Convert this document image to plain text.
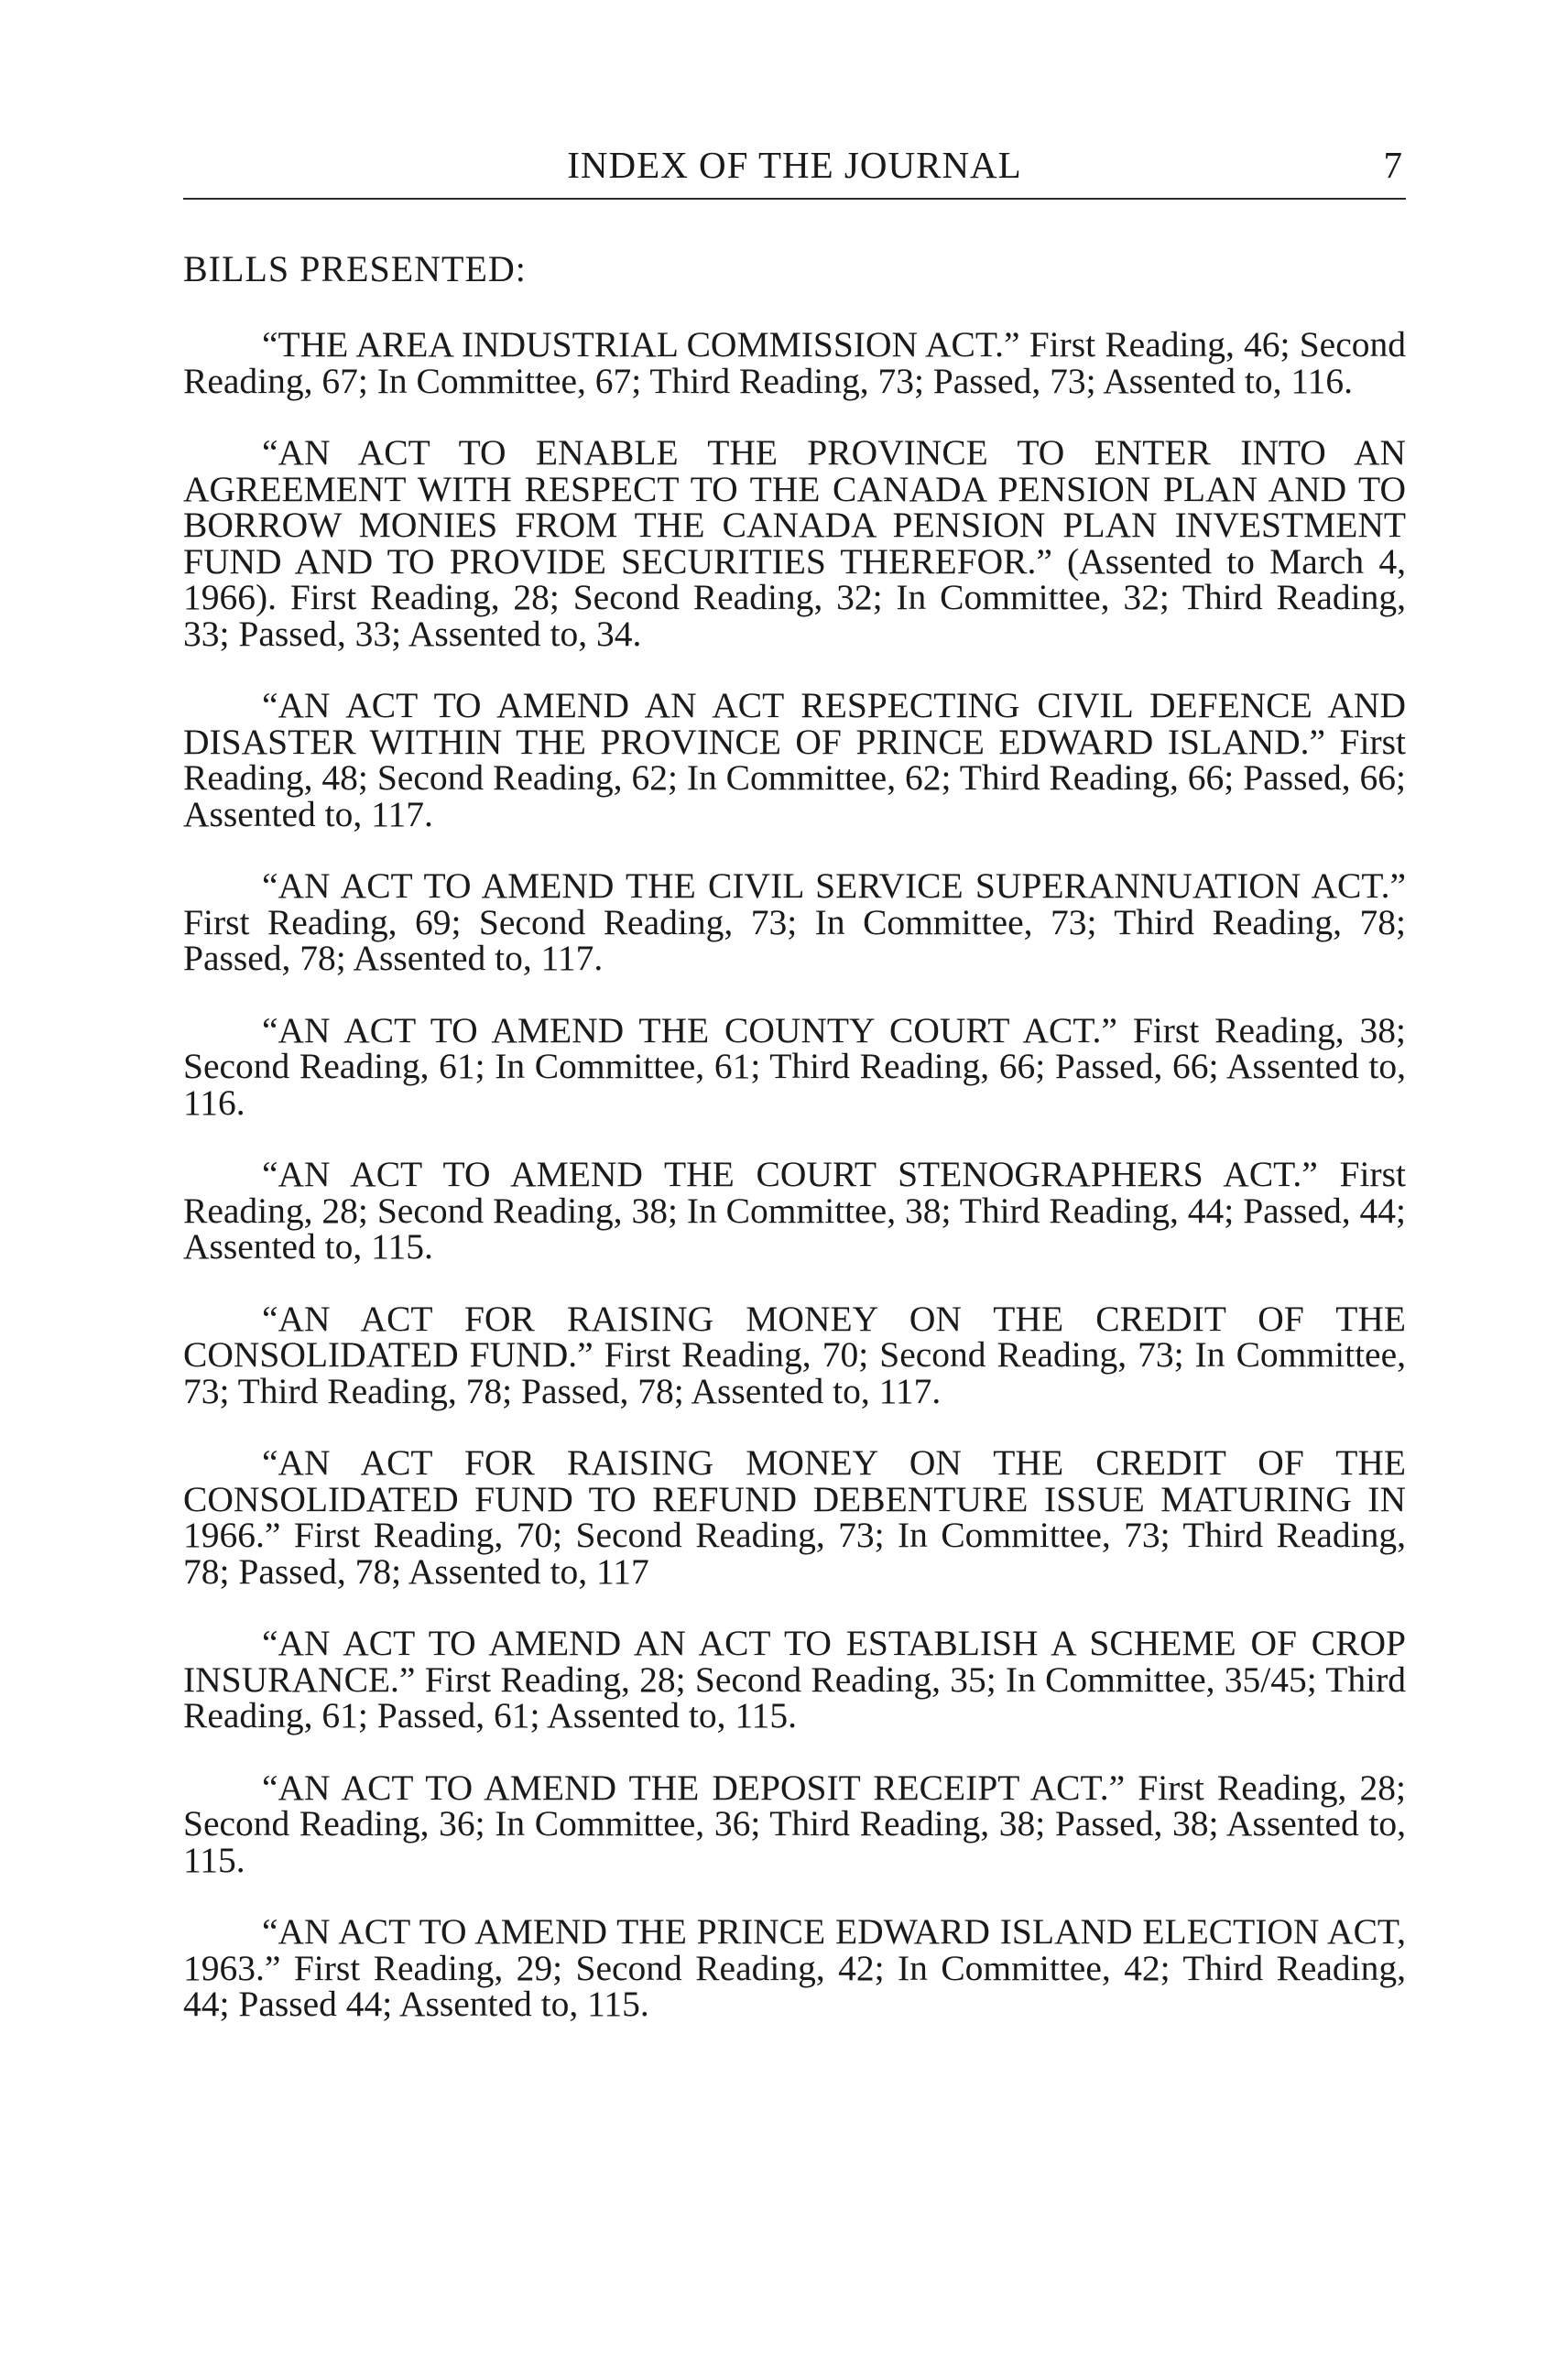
INDEX OF THE JOURNAL	7
BILLS PRESENTED:

“THE AREA INDUSTRIAL COMMISSION ACT.” First Reading, 46; Second Reading, 67; In Committee, 67; Third Reading, 73; Passed, 73; Assented to, 116.

“AN ACT TO ENABLE THE PROVINCE TO ENTER INTO AN AGREEMENT WITH RESPECT TO THE CANADA PENSION PLAN AND TO BORROW MONIES FROM THE CANADA PENSION PLAN INVESTMENT FUND AND TO PROVIDE SECURITIES THEREFOR.” (Assented to March 4, 1966). First Reading, 28; Second Reading, 32; In Committee, 32; Third Reading, 33; Passed, 33; Assented to, 34.

“AN ACT TO AMEND AN ACT RESPECTING CIVIL DEFENCE AND DISASTER WITHIN THE PROVINCE OF PRINCE EDWARD ISLAND.” First Reading, 48; Second Reading, 62; In Committee, 62; Third Reading, 66; Passed, 66; Assented to, 117.

“AN ACT TO AMEND THE CIVIL SERVICE SUPERANNUATION ACT.” First Reading, 69; Second Reading, 73; In Committee, 73; Third Reading, 78; Passed, 78; Assented to, 117.

“AN ACT TO AMEND THE COUNTY COURT ACT.” First Reading, 38; Second Reading, 61; In Committee, 61; Third Reading, 66; Passed, 66; Assented to, 116.

“AN ACT TO AMEND THE COURT STENOGRAPHERS ACT.” First Reading, 28; Second Reading, 38; In Committee, 38; Third Reading, 44; Passed, 44; Assented to, 115.

“AN ACT FOR RAISING MONEY ON THE CREDIT OF THE CONSOLIDATED FUND.” First Reading, 70; Second Reading, 73; In Committee, 73; Third Reading, 78; Passed, 78; Assented to, 117.

“AN ACT FOR RAISING MONEY ON THE CREDIT OF THE CONSOLIDATED FUND TO REFUND DEBENTURE ISSUE MATURING IN 1966.” First Reading, 70; Second Reading, 73; In Committee, 73; Third Reading, 78; Passed, 78; Assented to, 117

“AN ACT TO AMEND AN ACT TO ESTABLISH A SCHEME OF CROP INSURANCE.” First Reading, 28; Second Reading, 35; In Committee, 35/45; Third Reading, 61; Passed, 61; Assented to, 115.

“AN ACT TO AMEND THE DEPOSIT RECEIPT ACT.” First Reading, 28; Second Reading, 36; In Committee, 36; Third Reading, 38; Passed, 38; Assented to, 115.

“AN ACT TO AMEND THE PRINCE EDWARD ISLAND ELECTION ACT, 1963.” First Reading, 29; Second Reading, 42; In Committee, 42; Third Reading, 44; Passed 44; Assented to, 115.
